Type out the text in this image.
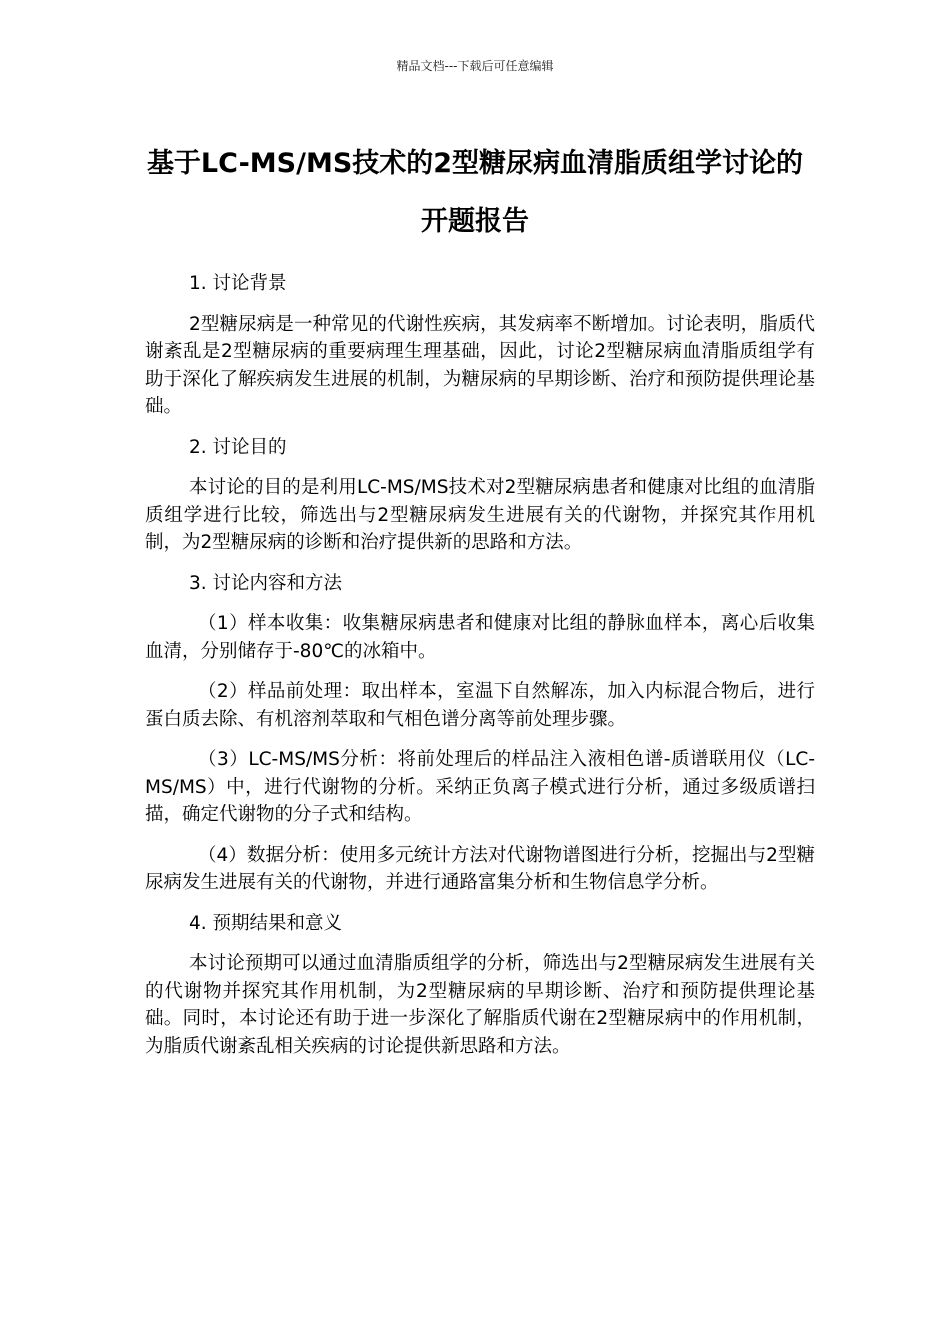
精品文档---下载后可任意编辑
基于LC-MS/MS技术的2型糖尿病血清脂质组学讨论的开题报告

1. 讨论背景

2型糖尿病是一种常见的代谢性疾病，其发病率不断增加。讨论表明，脂质代谢紊乱是2型糖尿病的重要病理生理基础，因此，讨论2型糖尿病血清脂质组学有助于深化了解疾病发生进展的机制，为糖尿病的早期诊断、治疗和预防提供理论基础。

2. 讨论目的

本讨论的目的是利用LC-MS/MS技术对2型糖尿病患者和健康对比组的血清脂质组学进行比较，筛选出与2型糖尿病发生进展有关的代谢物，并探究其作用机制，为2型糖尿病的诊断和治疗提供新的思路和方法。

3. 讨论内容和方法

（1）样本收集：收集糖尿病患者和健康对比组的静脉血样本，离心后收集血清，分别储存于-80℃的冰箱中。

（2）样品前处理：取出样本，室温下自然解冻，加入内标混合物后，进行蛋白质去除、有机溶剂萃取和气相色谱分离等前处理步骤。

（3）LC-MS/MS分析：将前处理后的样品注入液相色谱-质谱联用仪（LC-MS/MS）中，进行代谢物的分析。采纳正负离子模式进行分析，通过多级质谱扫描，确定代谢物的分子式和结构。

（4）数据分析：使用多元统计方法对代谢物谱图进行分析，挖掘出与2型糖尿病发生进展有关的代谢物，并进行通路富集分析和生物信息学分析。

4. 预期结果和意义

本讨论预期可以通过血清脂质组学的分析，筛选出与2型糖尿病发生进展有关的代谢物并探究其作用机制，为2型糖尿病的早期诊断、治疗和预防提供理论基础。同时，本讨论还有助于进一步深化了解脂质代谢在2型糖尿病中的作用机制，为脂质代谢紊乱相关疾病的讨论提供新思路和方法。
